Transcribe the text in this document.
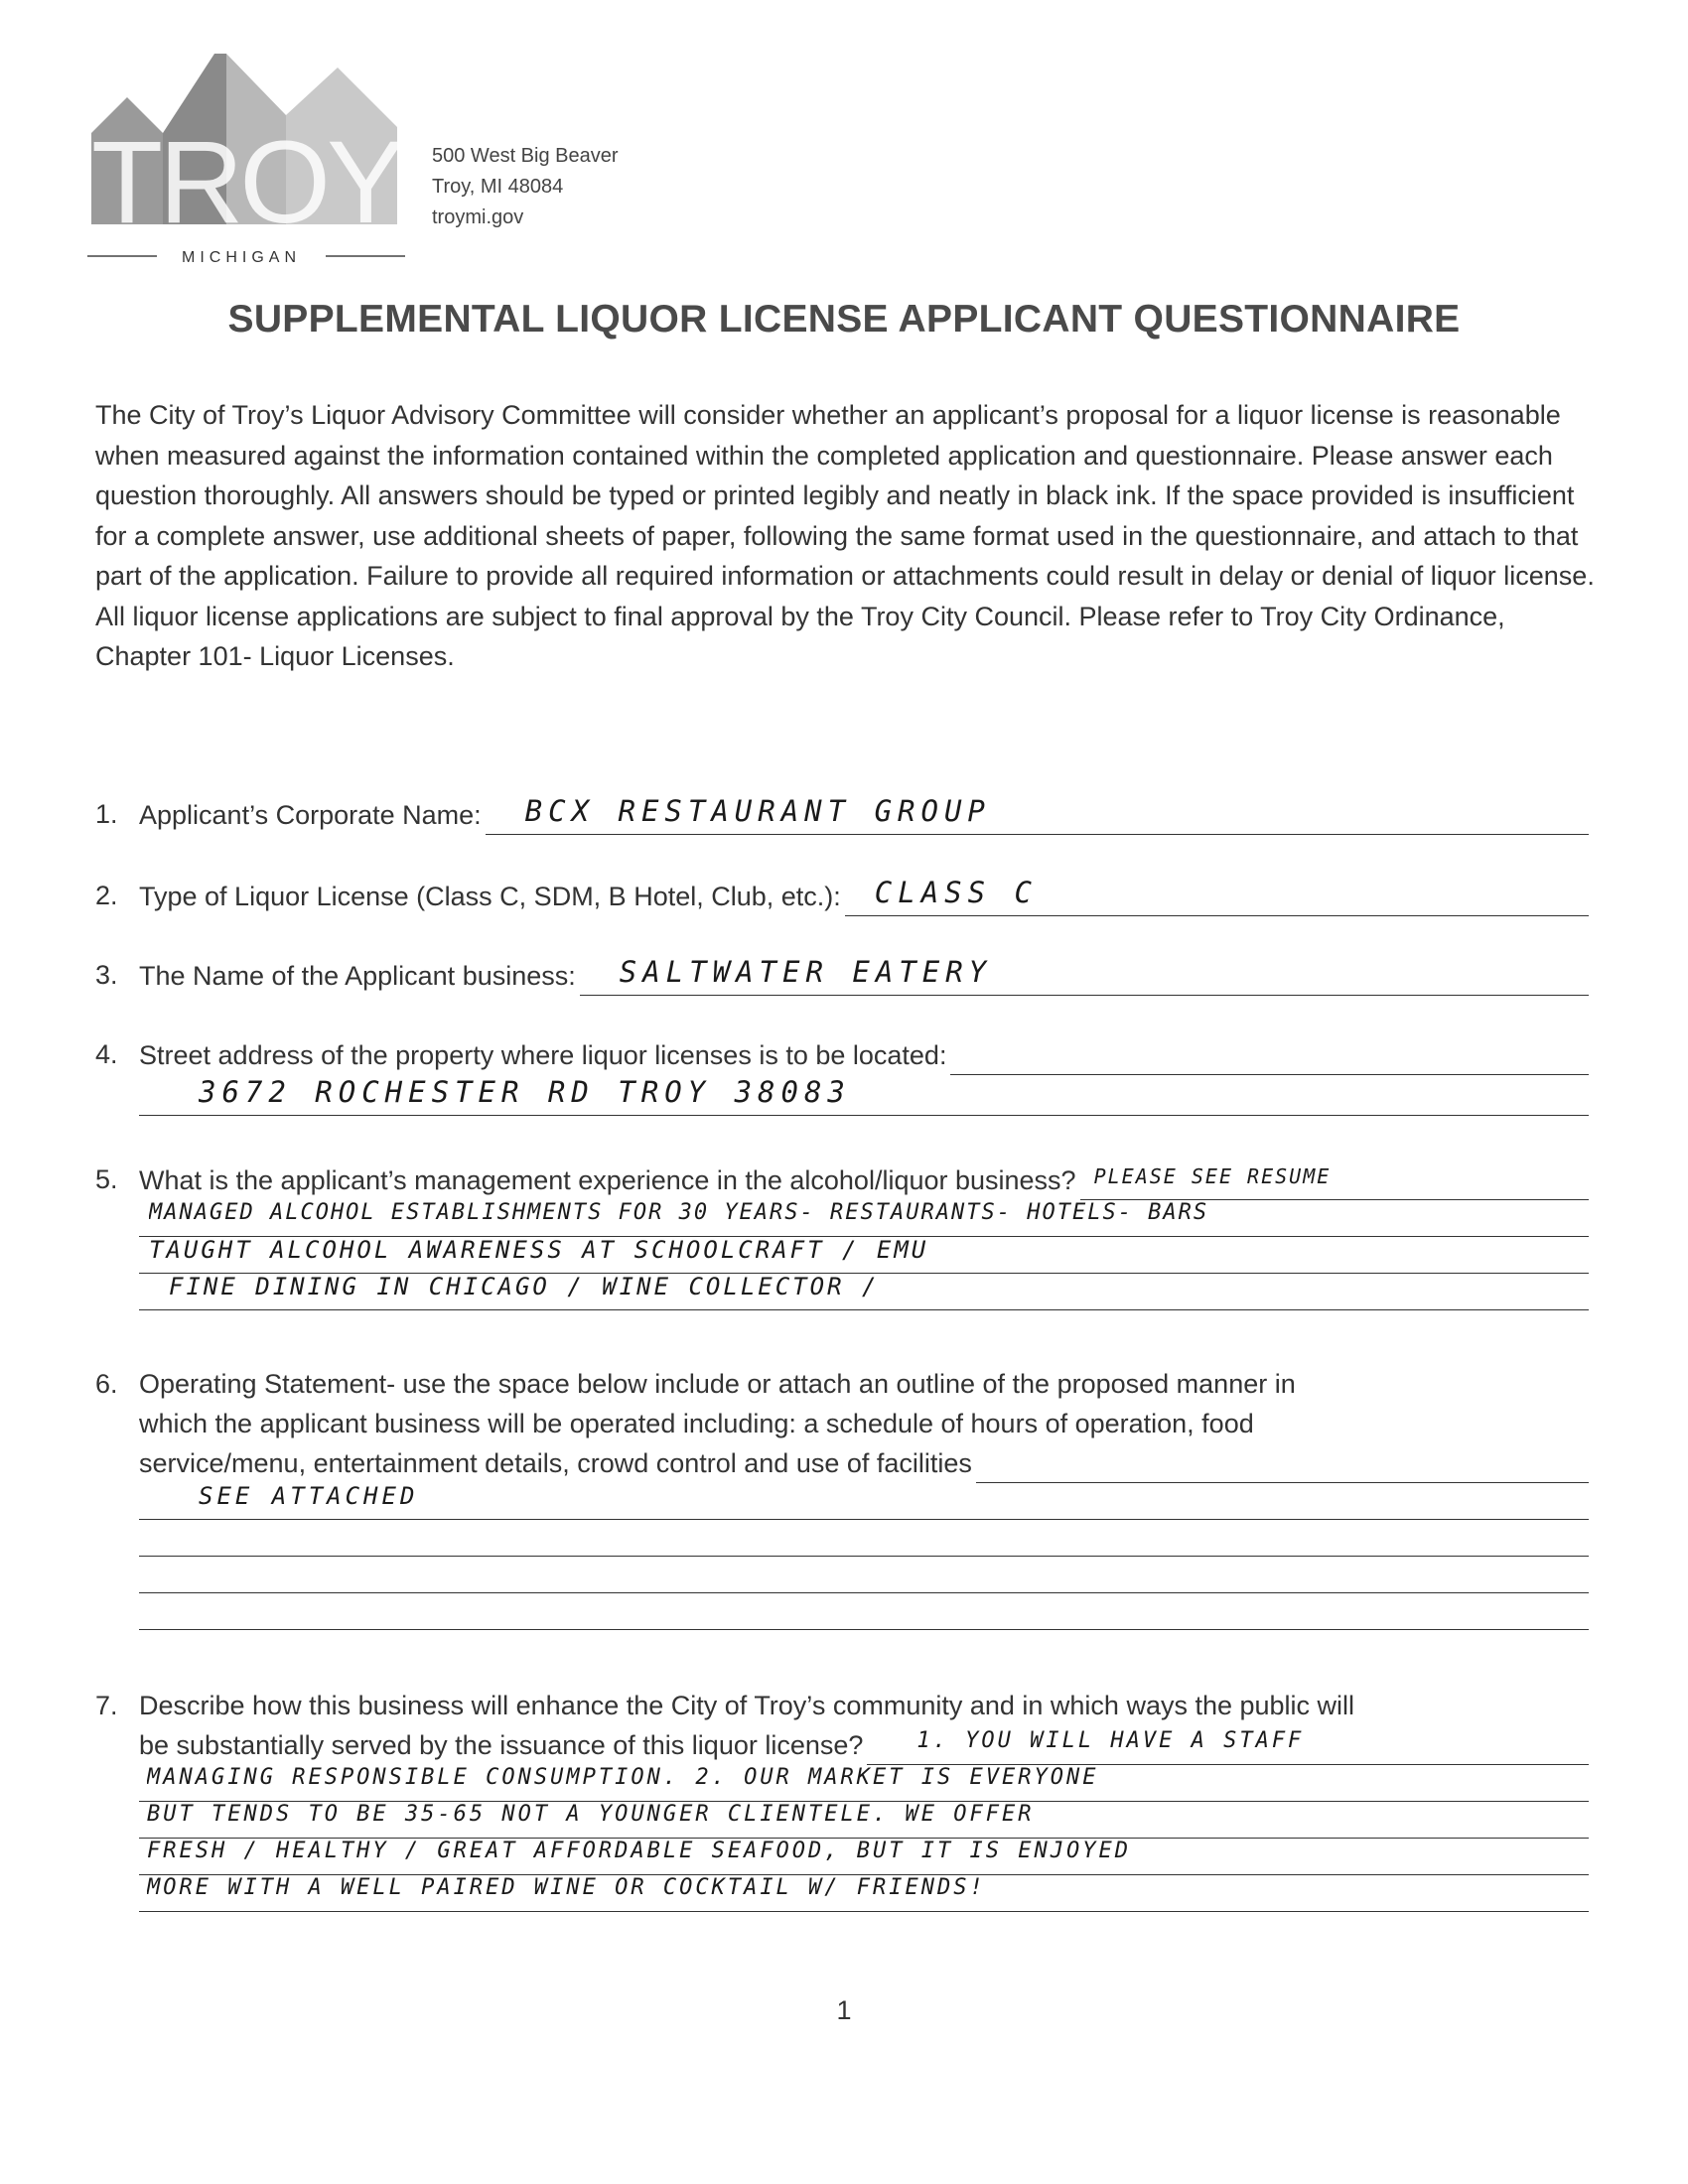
TROY
MICHIGAN
500 West Big Beaver
Troy, MI 48084
troymi.gov
SUPPLEMENTAL LIQUOR LICENSE APPLICANT QUESTIONNAIRE
The City of Troy’s Liquor Advisory Committee will consider whether an applicant’s proposal for a liquor license is reasonable when measured against the information contained within the completed application and questionnaire. Please answer each question thoroughly. All answers should be typed or printed legibly and neatly in black ink. If the space provided is insufficient for a complete answer, use additional sheets of paper, following the same format used in the questionnaire, and attach to that part of the application. Failure to provide all required information or attachments could result in delay or denial of liquor license. All liquor license applications are subject to final approval by the Troy City Council. Please refer to Troy City Ordinance, Chapter 101- Liquor Licenses.
1. Applicant’s Corporate Name: BCX RESTAURANT GROUP
2. Type of Liquor License (Class C, SDM, B Hotel, Club, etc.): CLASS C
3. The Name of the Applicant business: SALTWATER EATERY
4. Street address of the property where liquor licenses is to be located:
3672 ROCHESTER RD TROY 38083
5. What is the applicant’s management experience in the alcohol/liquor business? PLEASE SEE RESUME
MANAGED ALCOHOL ESTABLISHMENTS FOR 30 YEARS- RESTAURANTS- HOTELS- BARS
TAUGHT ALCOHOL AWARENESS AT SCHOOLCRAFT / EMU
FINE DINING IN CHICAGO / WINE COLLECTOR /
6. Operating Statement- use the space below include or attach an outline of the proposed manner in
which the applicant business will be operated including: a schedule of hours of operation, food
service/menu, entertainment details, crowd control and use of facilities
SEE ATTACHED
7. Describe how this business will enhance the City of Troy’s community and in which ways the public will
be substantially served by the issuance of this liquor license? 1. YOU WILL HAVE A STAFF
MANAGING RESPONSIBLE CONSUMPTION. 2. OUR MARKET IS EVERYONE
BUT TENDS TO BE 35-65 NOT A YOUNGER CLIENTELE. WE OFFER
FRESH / HEALTHY / GREAT AFFORDABLE SEAFOOD, BUT IT IS ENJOYED
MORE WITH A WELL PAIRED WINE OR COCKTAIL W/ FRIENDS!
1
